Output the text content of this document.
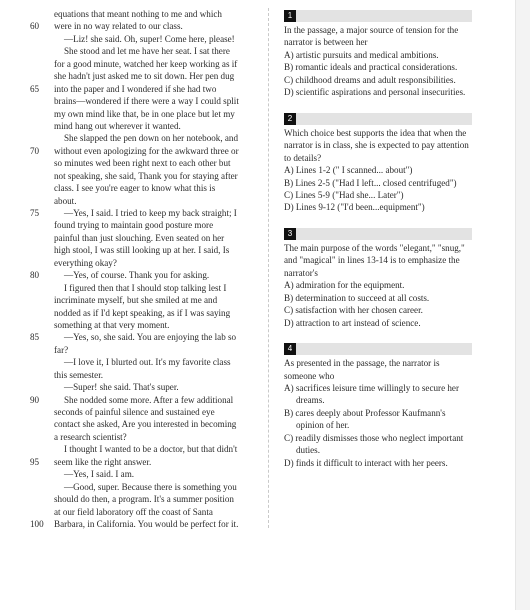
equations that meant nothing to me and which
60	were in no way related to our class.
—Liz! she said. Oh, super! Come here, please!
She stood and let me have her seat. I sat there
for a good minute, watched her keep working as if
she hadn't just asked me to sit down. Her pen dug
65	into the paper and I wondered if she had two
brains—wondered if there were a way I could split
my own mind like that, be in one place but let my
mind hang out wherever it wanted.
She slapped the pen down on her notebook, and
70	without even apologizing for the awkward three or
so minutes wed been right next to each other but
not speaking, she said, Thank you for staying after
class. I see you're eager to know what this is
about.
75	—Yes, I said. I tried to keep my back straight; I
found trying to maintain good posture more
painful than just slouching. Even seated on her
high stool, I was still looking up at her. I said, Is
everything okay?
80	—Yes, of course. Thank you for asking.
I figured then that I should stop talking lest I
incriminate myself, but she smiled at me and
nodded as if I'd kept speaking, as if I was saying
something at that very moment.
85	—Yes, so, she said. You are enjoying the lab so
far?
—I love it, I blurted out. It's my favorite class
this semester.
—Super! she said. That's super.
90	She nodded some more. After a few additional
seconds of painful silence and sustained eye
contact she asked, Are you interested in becoming
a research scientist?
I thought I wanted to be a doctor, but that didn't
95	seem like the right answer.
—Yes, I said. I am.
—Good, super. Because there is something you
should do then, a program. It's a summer position
at our field laboratory off the coast of Santa
100	Barbara, in California. You would be perfect for it.
1
In the passage, a major source of tension for the narrator is between her
A) artistic pursuits and medical ambitions.
B) romantic ideals and practical considerations.
C) childhood dreams and adult responsibilities.
D) scientific aspirations and personal insecurities.
2
Which choice best supports the idea that when the narrator is in class, she is expected to pay attention to details?
A) Lines 1-2 (" I scanned... about")
B) Lines 2-5 ("Had I left... closed centrifuged")
C) Lines 5-9 ("Had she... Later")
D) Lines 9-12 ("I'd been...equipment")
3
The main purpose of the words "elegant," "snug," and "magical" in lines 13-14 is to emphasize the narrator's
A) admiration for the equipment.
B) determination to succeed at all costs.
C) satisfaction with her chosen career.
D) attraction to art instead of science.
4
As presented in the passage, the narrator is someone who
A) sacrifices leisure time willingly to secure her dreams.
B) cares deeply about Professor Kaufmann's opinion of her.
C) readily dismisses those who neglect important duties.
D) finds it difficult to interact with her peers.
